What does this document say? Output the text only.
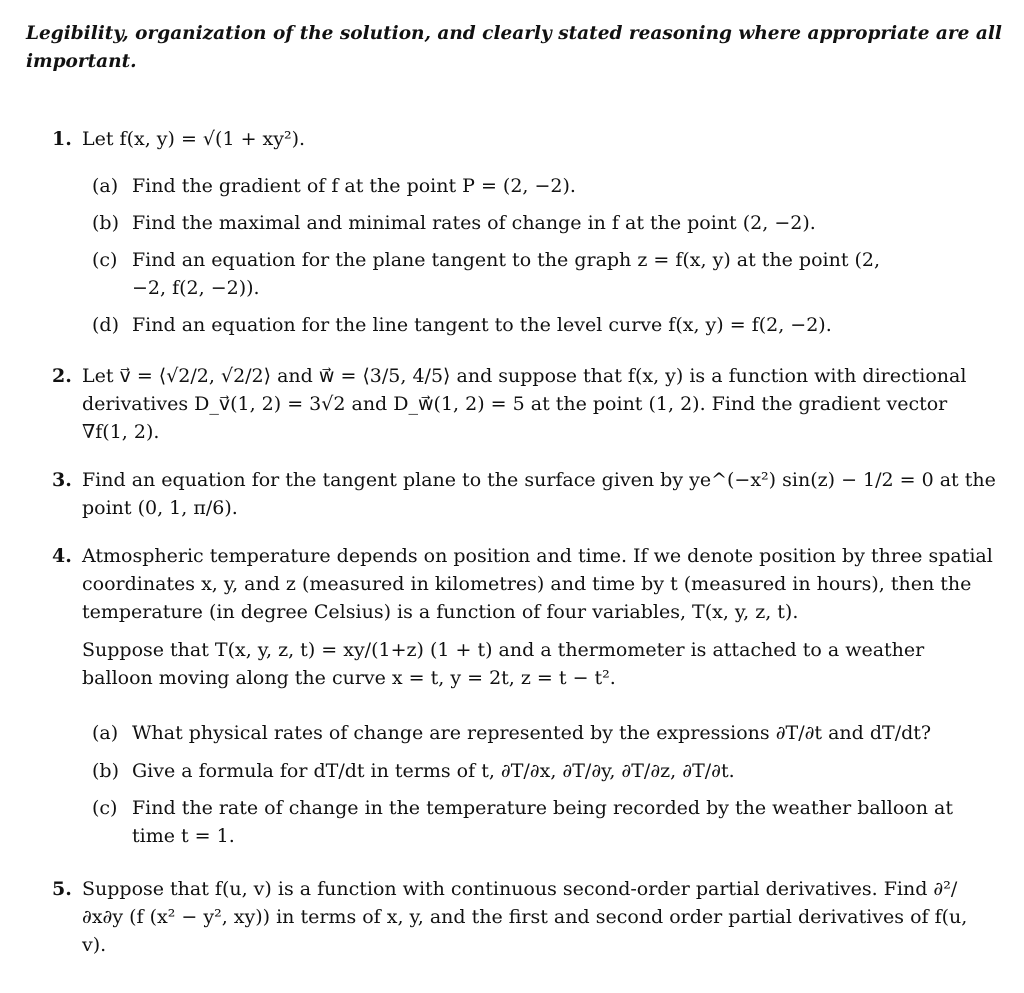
Legibility, organization of the solution, and clearly stated reasoning where appropriate are all important.
1. Let f(x, y) = √(1 + xy²).
(a) Find the gradient of f at the point P = (2, −2).
(b) Find the maximal and minimal rates of change in f at the point (2, −2).
(c) Find an equation for the plane tangent to the graph z = f(x, y) at the point (2, −2, f(2, −2)).
(d) Find an equation for the line tangent to the level curve f(x, y) = f(2, −2).
2. Let v⃗ = ⟨√2/2, √2/2⟩ and w⃗ = ⟨3/5, 4/5⟩ and suppose that f(x, y) is a function with directional derivatives D_v⃗(1, 2) = 3√2 and D_w⃗(1, 2) = 5 at the point (1, 2). Find the gradient vector ∇f(1, 2).
3. Find an equation for the tangent plane to the surface given by ye^(−x²) sin(z) − 1/2 = 0 at the point (0, 1, π/6).
4. Atmospheric temperature depends on position and time. If we denote position by three spatial coordinates x, y, and z (measured in kilometres) and time by t (measured in hours), then the temperature (in degree Celsius) is a function of four variables, T(x, y, z, t).
Suppose that T(x, y, z, t) = xy/(1+z) (1 + t) and a thermometer is attached to a weather balloon moving along the curve x = t, y = 2t, z = t − t².
(a) What physical rates of change are represented by the expressions ∂T/∂t and dT/dt?
(b) Give a formula for dT/dt in terms of t, ∂T/∂x, ∂T/∂y, ∂T/∂z, ∂T/∂t.
(c) Find the rate of change in the temperature being recorded by the weather balloon at time t = 1.
5. Suppose that f(u, v) is a function with continuous second-order partial derivatives. Find ∂²/∂x∂y (f (x² − y², xy)) in terms of x, y, and the first and second order partial derivatives of f(u, v).
